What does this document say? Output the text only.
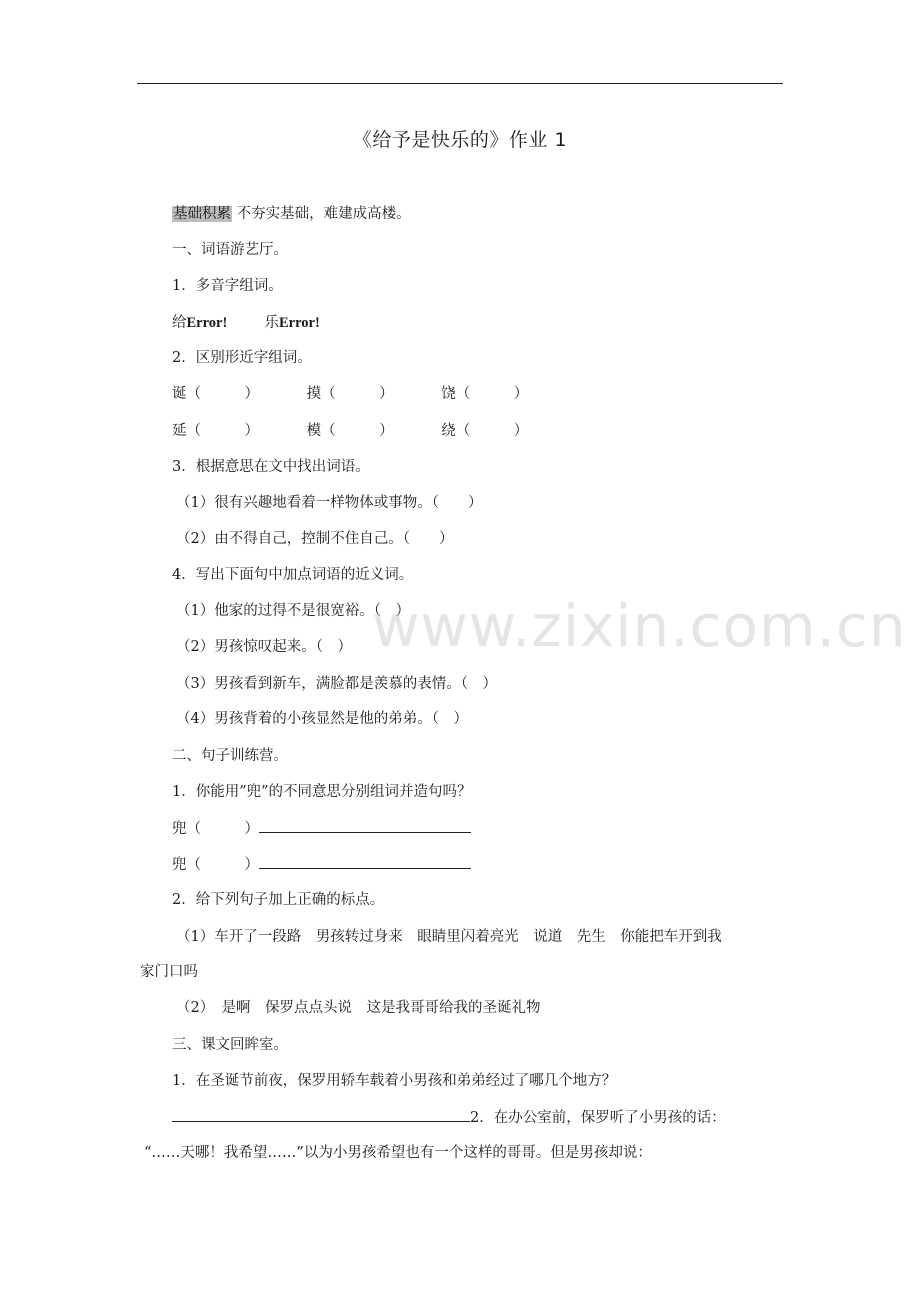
《给予是快乐的》作业 1
基础积累 不夯实基础，难建成高楼。
一、词语游艺厅。
1．多音字组词。
给Error!	乐Error!
2．区别形近字组词。
诞（　　　）	摸（　　　）	饶（　　　）
延（　　　）	模（　　　）	绕（　　　）
3．根据意思在文中找出词语。
（1）很有兴趣地看着一样物体或事物。（　　）
（2）由不得自己，控制不住自己。（　　）
4．写出下面句中加点词语的近义词。
（1）他家的过得不是很宽裕。（　）
（2）男孩惊叹起来。（　）
（3）男孩看到新车，满脸都是羡慕的表情。（　）
（4）男孩背着的小孩显然是他的弟弟。（　）
二、句子训练营。
1．你能用”兜”的不同意思分别组词并造句吗？
兜（　　　）
兜（　　　）
2．给下列句子加上正确的标点。
（1）车开了一段路　男孩转过身来　眼睛里闪着亮光　说道　先生　你能把车开到我
家门口吗
（2）　是啊　保罗点点头说　这是我哥哥给我的圣诞礼物
三、课文回眸室。
1．在圣诞节前夜，保罗用轿车载着小男孩和弟弟经过了哪几个地方？
2．在办公室前，保罗听了小男孩的话：
“……天哪！我希望……”以为小男孩希望也有一个这样的哥哥。但是男孩却说：
www.zixin.com.cn
